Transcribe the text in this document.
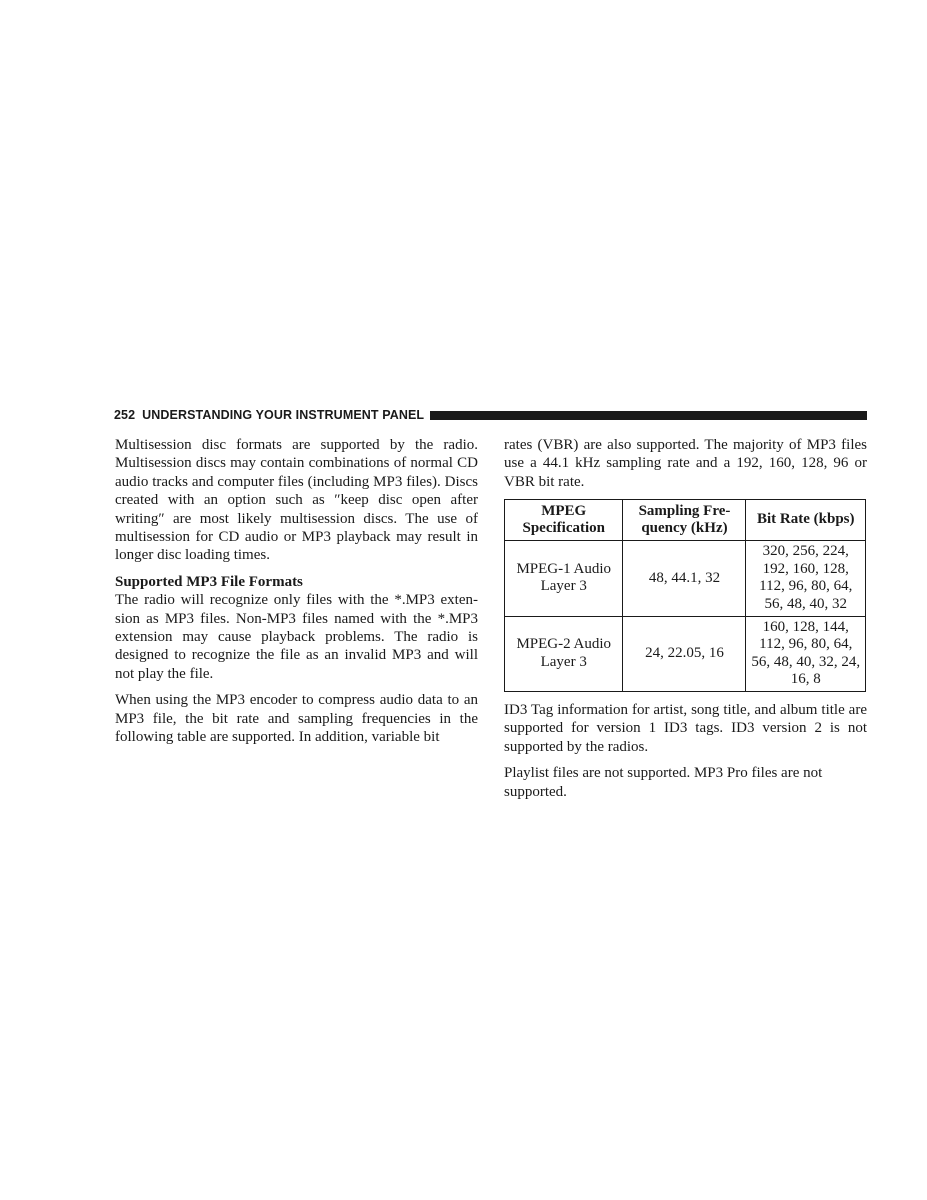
252 UNDERSTANDING YOUR INSTRUMENT PANEL

Multisession disc formats are supported by the radio. Multisession discs may contain combinations of normal CD audio tracks and computer files (including MP3 files). Discs created with an option such as ″keep disc open after writing″ are most likely multisession discs. The use of multisession for CD audio or MP3 playback may result in longer disc loading times.

Supported MP3 File Formats

The radio will recognize only files with the *.MP3 extension as MP3 files. Non-MP3 files named with the *.MP3 extension may cause playback problems. The radio is designed to recognize the file as an invalid MP3 and will not play the file.

When using the MP3 encoder to compress audio data to an MP3 file, the bit rate and sampling frequencies in the following table are supported. In addition, variable bit

rates (VBR) are also supported. The majority of MP3 files use a 44.1 kHz sampling rate and a 192, 160, 128, 96 or VBR bit rate.

MPEG Specification	Sampling Frequency (kHz)	Bit Rate (kbps)
MPEG-1 Audio Layer 3	48, 44.1, 32	320, 256, 224, 192, 160, 128, 112, 96, 80, 64, 56, 48, 40, 32
MPEG-2 Audio Layer 3	24, 22.05, 16	160, 128, 144, 112, 96, 80, 64, 56, 48, 40, 32, 24, 16, 8

ID3 Tag information for artist, song title, and album title are supported for version 1 ID3 tags. ID3 version 2 is not supported by the radios.

Playlist files are not supported. MP3 Pro files are not supported.
